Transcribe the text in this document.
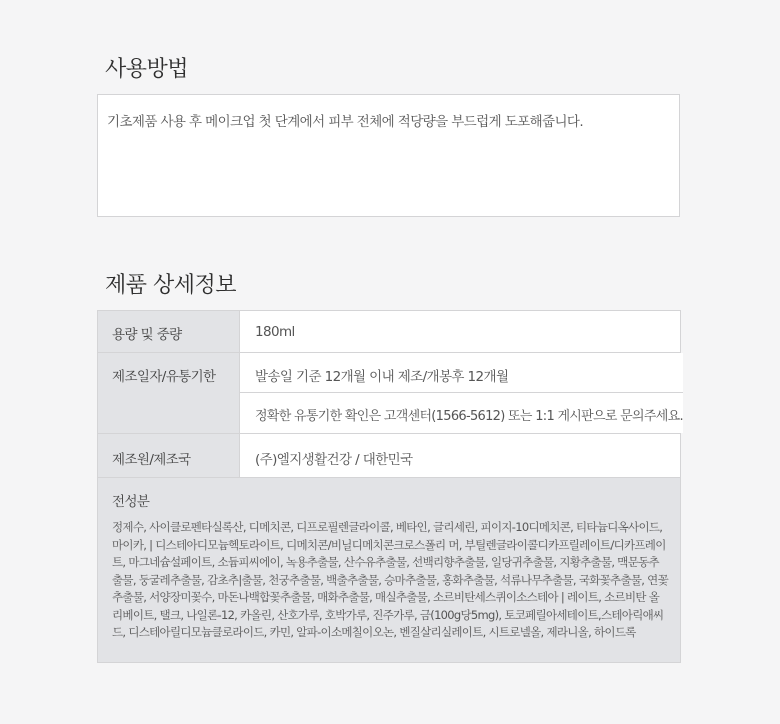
사용방법
기초제품 사용 후 메이크업 첫 단계에서 피부 전체에 적당량을 부드럽게 도포해줍니다.
제품 상세정보
용량 및 중량	180ml
제조일자/유통기한	발송일 기준 12개월 이내 제조/개봉후 12개월
정확한 유통기한 확인은 고객센터(1566-5612) 또는 1:1 게시판으로 문의주세요.
제조원/제조국	(주)엘지생활건강 / 대한민국
전성분
정제수, 사이클로펜타실록산, 디메치콘, 디프로필렌글라이콜, 베타인, 글리세린, 피이지-10디메치콘, 티타늄디옥사이드, 마이카, | 디스테아디모늄헥토라이트, 디메치콘/비닐디메치콘크로스폴리 머, 부틸렌글라이콜디카프릴레이트/디카프레이트, 마그네슘설페이트, 소듐피씨에이, 녹용추출물, 산수유추출물, 선백리향추출물, 일당귀추출물, 지황추출물, 맥문동추출물, 둥굴레추출물, 감초추|출물, 천궁추출물, 백출추출물, 승마추출물, 홍화추출물, 석류나무추출물, 국화꽃추출물, 연꽃추출물, 서양장미꽃수, 마돈나백합꽃추출물, 매화추출물, 매실추출물, 소르비탄세스퀴이소스테아 | 레이트, 소르비탄 올리베이트, 탤크, 나일론-12, 카올린, 산호가루, 호박가루, 진주가루, 금(100g당5mg), 토코페릴아세테이트,스테아릭애씨드, 디스테아릴디모늄클로라이드, 카민, 알파-이소메칠이오논, 벤질살리실레이트, 시트로넬올, 제라니올, 하이드록
